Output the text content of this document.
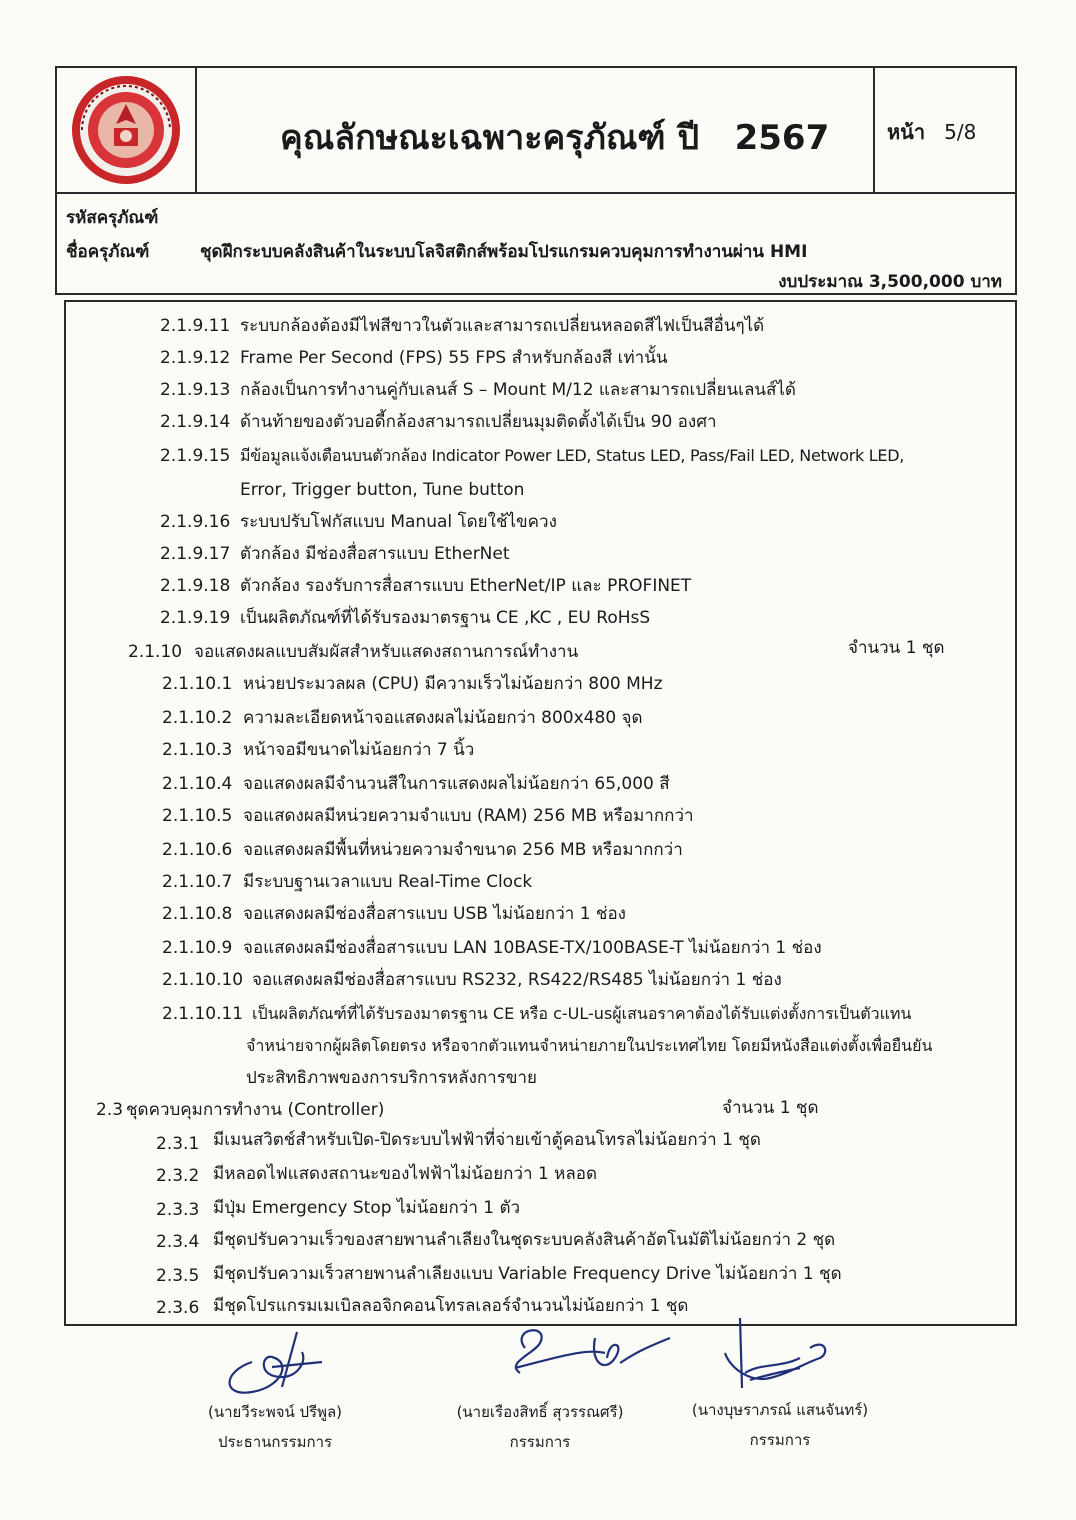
คุณลักษณะเฉพาะครุภัณฑ์ ปี 2567	หน้า 5/8
รหัสครุภัณฑ์
ชื่อครุภัณฑ์	ชุดฝึกระบบคลังสินค้าในระบบโลจิสติกส์พร้อมโปรแกรมควบคุมการทำงานผ่าน HMI
งบประมาณ 3,500,000 บาท
2.1.9.11 ระบบกล้องต้องมีไฟสีขาวในตัวและสามารถเปลี่ยนหลอดสีไฟเป็นสีอื่นๆได้
2.1.9.12 Frame Per Second (FPS) 55 FPS สำหรับกล้องสี เท่านั้น
2.1.9.13 กล้องเป็นการทำงานคู่กับเลนส์ S – Mount M/12 และสามารถเปลี่ยนเลนส์ได้
2.1.9.14 ด้านท้ายของตัวบอดี้กล้องสามารถเปลี่ยนมุมติดตั้งได้เป็น 90 องศา
2.1.9.15 มีข้อมูลแจ้งเตือนบนตัวกล้อง Indicator Power LED, Status LED, Pass/Fail LED, Network LED,
Error, Trigger button, Tune button
2.1.9.16 ระบบปรับโฟกัสแบบ Manual โดยใช้ไขควง
2.1.9.17 ตัวกล้อง มีช่องสื่อสารแบบ EtherNet
2.1.9.18 ตัวกล้อง รองรับการสื่อสารแบบ EtherNet/IP และ PROFINET
2.1.9.19 เป็นผลิตภัณฑ์ที่ได้รับรองมาตรฐาน CE ,KC , EU RoHsS
2.1.10 จอแสดงผลแบบสัมผัสสำหรับแสดงสถานการณ์ทำงาน	จำนวน 1 ชุด
2.1.10.1 หน่วยประมวลผล (CPU) มีความเร็วไม่น้อยกว่า 800 MHz
2.1.10.2 ความละเอียดหน้าจอแสดงผลไม่น้อยกว่า 800x480 จุด
2.1.10.3 หน้าจอมีขนาดไม่น้อยกว่า 7 นิ้ว
2.1.10.4 จอแสดงผลมีจำนวนสีในการแสดงผลไม่น้อยกว่า 65,000 สี
2.1.10.5 จอแสดงผลมีหน่วยความจำแบบ (RAM) 256 MB หรือมากกว่า
2.1.10.6 จอแสดงผลมีพื้นที่หน่วยความจำขนาด 256 MB หรือมากกว่า
2.1.10.7 มีระบบฐานเวลาแบบ Real-Time Clock
2.1.10.8 จอแสดงผลมีช่องสื่อสารแบบ USB ไม่น้อยกว่า 1 ช่อง
2.1.10.9 จอแสดงผลมีช่องสื่อสารแบบ LAN 10BASE-TX/100BASE-T ไม่น้อยกว่า 1 ช่อง
2.1.10.10 จอแสดงผลมีช่องสื่อสารแบบ RS232, RS422/RS485 ไม่น้อยกว่า 1 ช่อง
2.1.10.11 เป็นผลิตภัณฑ์ที่ได้รับรองมาตรฐาน CE หรือ c-UL-usผู้เสนอราคาต้องได้รับแต่งตั้งการเป็นตัวแทน
จำหน่ายจากผู้ผลิตโดยตรง หรือจากตัวแทนจำหน่ายภายในประเทศไทย โดยมีหนังสือแต่งตั้งเพื่อยืนยัน
ประสิทธิภาพของการบริการหลังการขาย
2.3 ชุดควบคุมการทำงาน (Controller)	จำนวน 1 ชุด
2.3.1 มีเมนสวิตช์สำหรับเปิด-ปิดระบบไฟฟ้าที่จ่ายเข้าตู้คอนโทรลไม่น้อยกว่า 1 ชุด
2.3.2 มีหลอดไฟแสดงสถานะของไฟฟ้าไม่น้อยกว่า 1 หลอด
2.3.3 มีปุ่ม Emergency Stop ไม่น้อยกว่า 1 ตัว
2.3.4 มีชุดปรับความเร็วของสายพานลำเลียงในชุดระบบคลังสินค้าอัตโนมัติไม่น้อยกว่า 2 ชุด
2.3.5 มีชุดปรับความเร็วสายพานลำเลียงแบบ Variable Frequency Drive ไม่น้อยกว่า 1 ชุด
2.3.6 มีชุดโปรแกรมเมเบิลลอจิกคอนโทรลเลอร์จำนวนไม่น้อยกว่า 1 ชุด
(นายวีระพจน์ ปรีพูล)
ประธานกรรมการ
(นายเรืองสิทธิ์ สุวรรณศรี)
กรรมการ
(นางบุษราภรณ์ แสนจันทร์)
กรรมการ
